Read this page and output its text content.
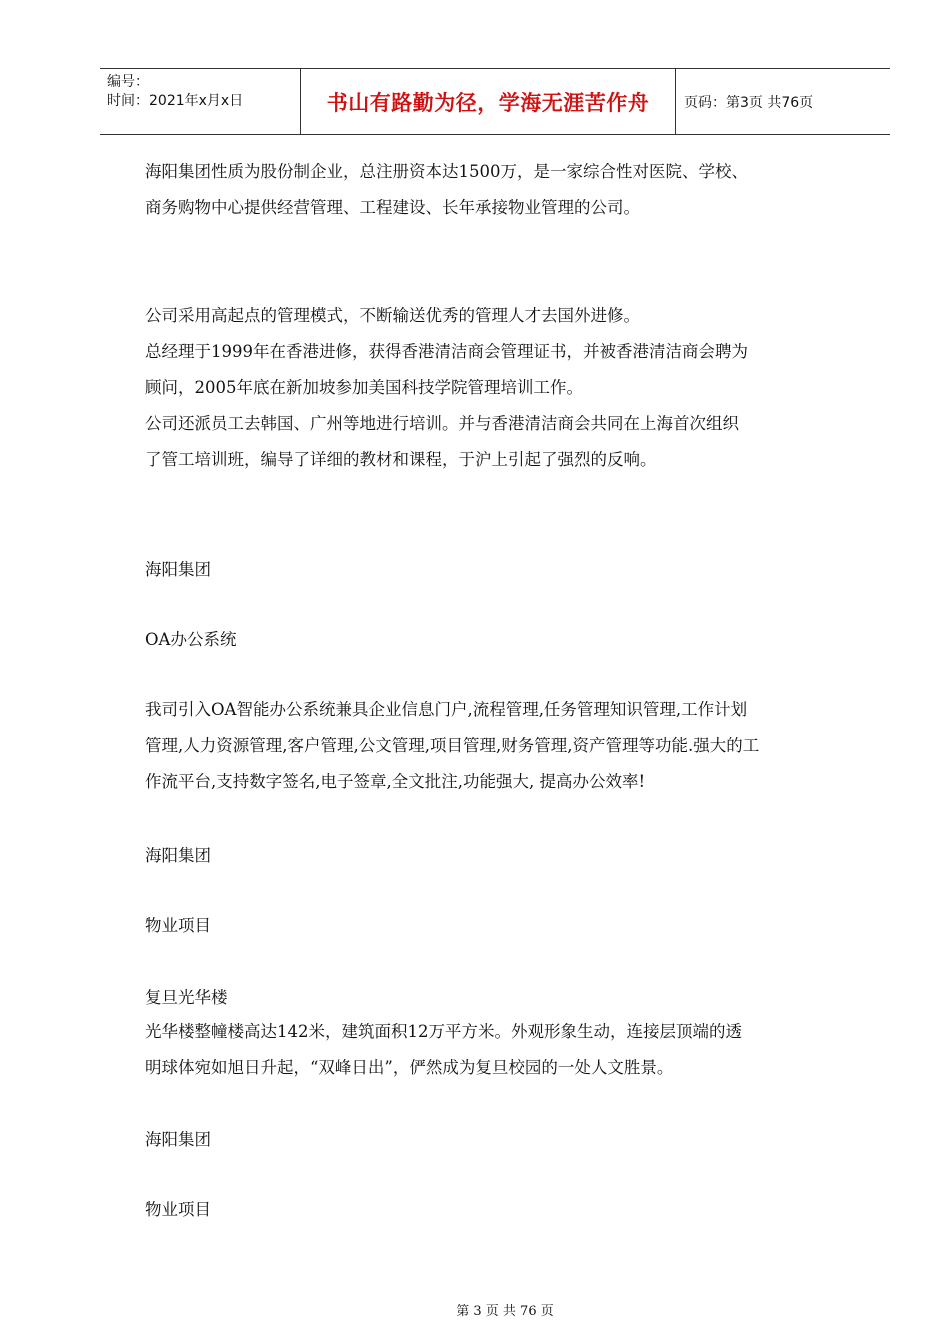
编号：
时间：2021年x月x日	书山有路勤为径，学海无涯苦作舟	页码：第3页 共76页

海阳集团性质为股份制企业，总注册资本达1500万，是一家综合性对医院、学校、
商务购物中心提供经营管理、工程建设、长年承接物业管理的公司。

公司采用高起点的管理模式，不断输送优秀的管理人才去国外进修。

总经理于1999年在香港进修，获得香港清洁商会管理证书，并被香港清洁商会聘为
顾问，2005年底在新加坡参加美国科技学院管理培训工作。

公司还派员工去韩国、广州等地进行培训。并与香港清洁商会共同在上海首次组织
了管工培训班，编导了详细的教材和课程，于沪上引起了强烈的反响。

海阳集团

OA办公系统

我司引入OA智能办公系统兼具企业信息门户,流程管理,任务管理知识管理,工作计划
管理,人力资源管理,客户管理,公文管理,项目管理,财务管理,资产管理等功能.强大的工
作流平台,支持数字签名,电子签章,全文批注,功能强大, 提高办公效率!

海阳集团

物业项目

复旦光华楼

光华楼整幢楼高达142米，建筑面积12万平方米。外观形象生动，连接层顶端的透
明球体宛如旭日升起，“双峰日出”，俨然成为复旦校园的一处人文胜景。

海阳集团

物业项目

第 3 页 共 76 页
